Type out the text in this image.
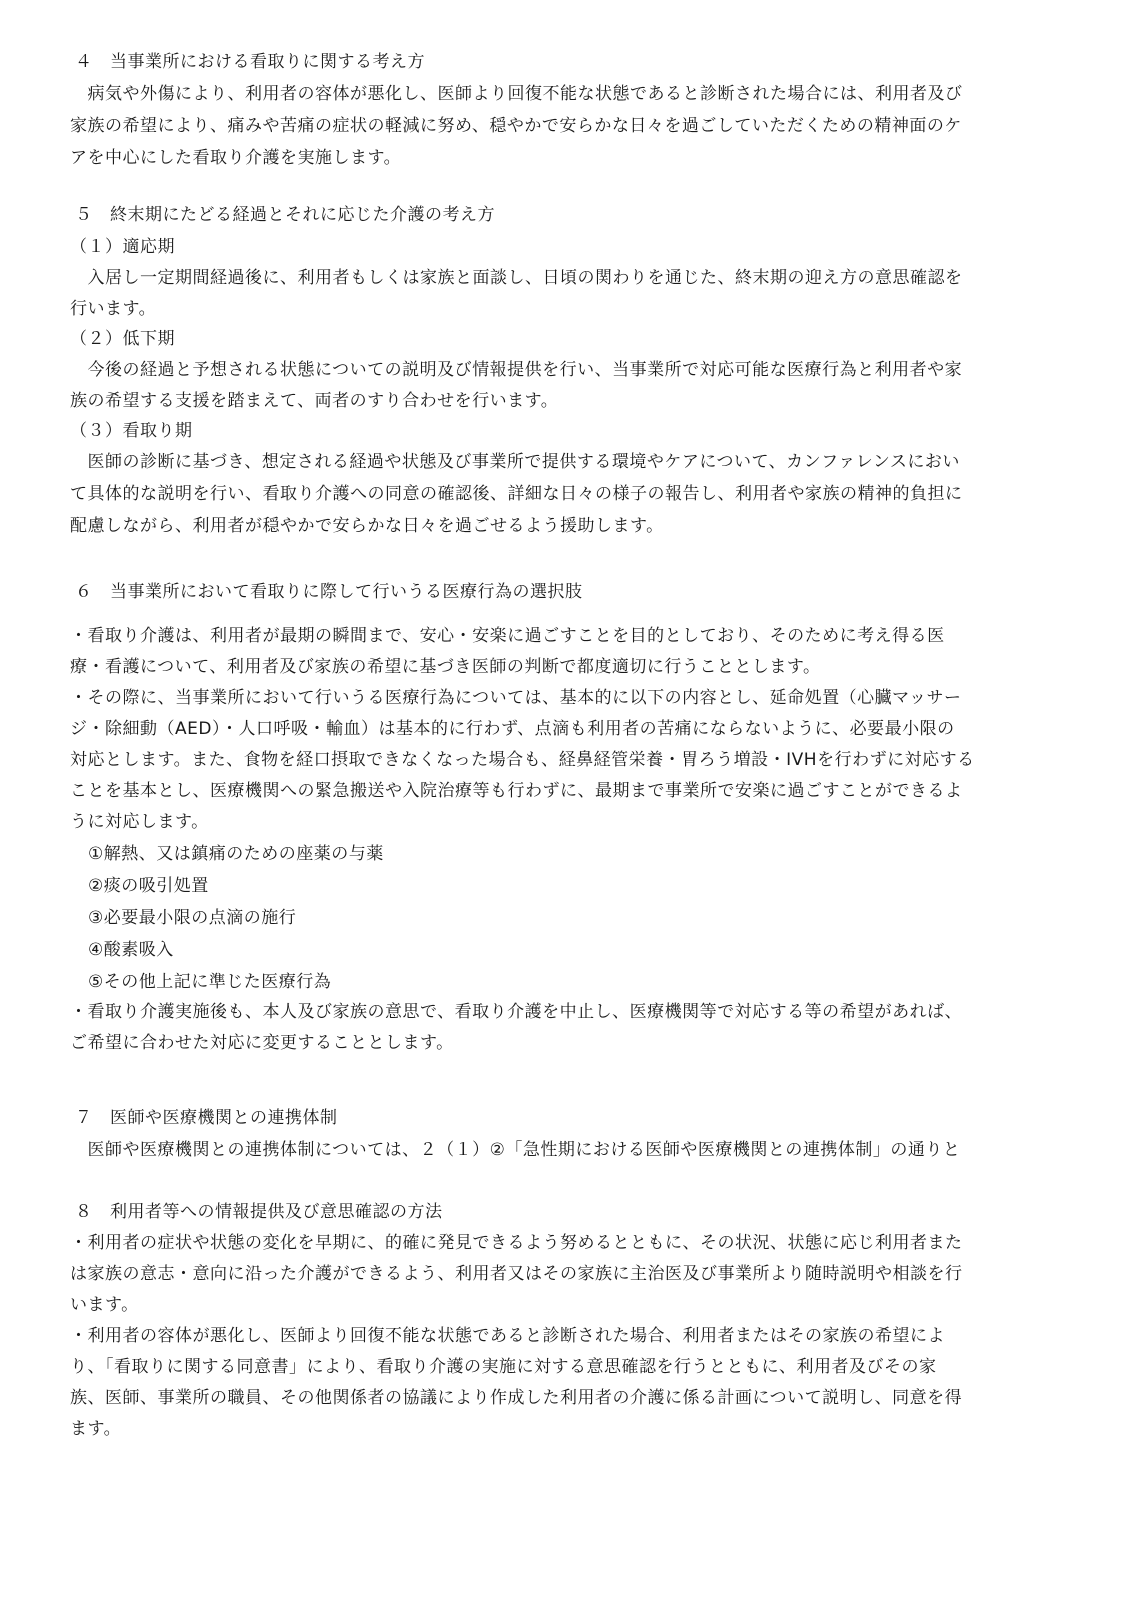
４　当事業所における看取りに関する考え方
　病気や外傷により、利用者の容体が悪化し、医師より回復不能な状態であると診断された場合には、利用者及び
家族の希望により、痛みや苦痛の症状の軽減に努め、穏やかで安らかな日々を過ごしていただくための精神面のケ
アを中心にした看取り介護を実施します。
５　終末期にたどる経過とそれに応じた介護の考え方
（１）適応期
　入居し一定期間経過後に、利用者もしくは家族と面談し、日頃の関わりを通じた、終末期の迎え方の意思確認を
行います。
（２）低下期
　今後の経過と予想される状態についての説明及び情報提供を行い、当事業所で対応可能な医療行為と利用者や家
族の希望する支援を踏まえて、両者のすり合わせを行います。
（３）看取り期
　医師の診断に基づき、想定される経過や状態及び事業所で提供する環境やケアについて、カンファレンスにおい
て具体的な説明を行い、看取り介護への同意の確認後、詳細な日々の様子の報告し、利用者や家族の精神的負担に
配慮しながら、利用者が穏やかで安らかな日々を過ごせるよう援助します。
６　当事業所において看取りに際して行いうる医療行為の選択肢
・看取り介護は、利用者が最期の瞬間まで、安心・安楽に過ごすことを目的としており、そのために考え得る医
療・看護について、利用者及び家族の希望に基づき医師の判断で都度適切に行うこととします。
・その際に、当事業所において行いうる医療行為については、基本的に以下の内容とし、延命処置（心臓マッサー
ジ・除細動（AED）・人口呼吸・輸血）は基本的に行わず、点滴も利用者の苦痛にならないように、必要最小限の
対応とします。また、食物を経口摂取できなくなった場合も、経鼻経管栄養・胃ろう増設・IVHを行わずに対応する
ことを基本とし、医療機関への緊急搬送や入院治療等も行わずに、最期まで事業所で安楽に過ごすことができるよ
うに対応します。
①解熱、又は鎮痛のための座薬の与薬
②痰の吸引処置
③必要最小限の点滴の施行
④酸素吸入
⑤その他上記に準じた医療行為
・看取り介護実施後も、本人及び家族の意思で、看取り介護を中止し、医療機関等で対応する等の希望があれば、
ご希望に合わせた対応に変更することとします。
７　医師や医療機関との連携体制
　医師や医療機関との連携体制については、２（１）②「急性期における医師や医療機関との連携体制」の通りと
８　利用者等への情報提供及び意思確認の方法
・利用者の症状や状態の変化を早期に、的確に発見できるよう努めるとともに、その状況、状態に応じ利用者また
は家族の意志・意向に沿った介護ができるよう、利用者又はその家族に主治医及び事業所より随時説明や相談を行
います。
・利用者の容体が悪化し、医師より回復不能な状態であると診断された場合、利用者またはその家族の希望によ
り、「看取りに関する同意書」により、看取り介護の実施に対する意思確認を行うとともに、利用者及びその家
族、医師、事業所の職員、その他関係者の協議により作成した利用者の介護に係る計画について説明し、同意を得
ます。
